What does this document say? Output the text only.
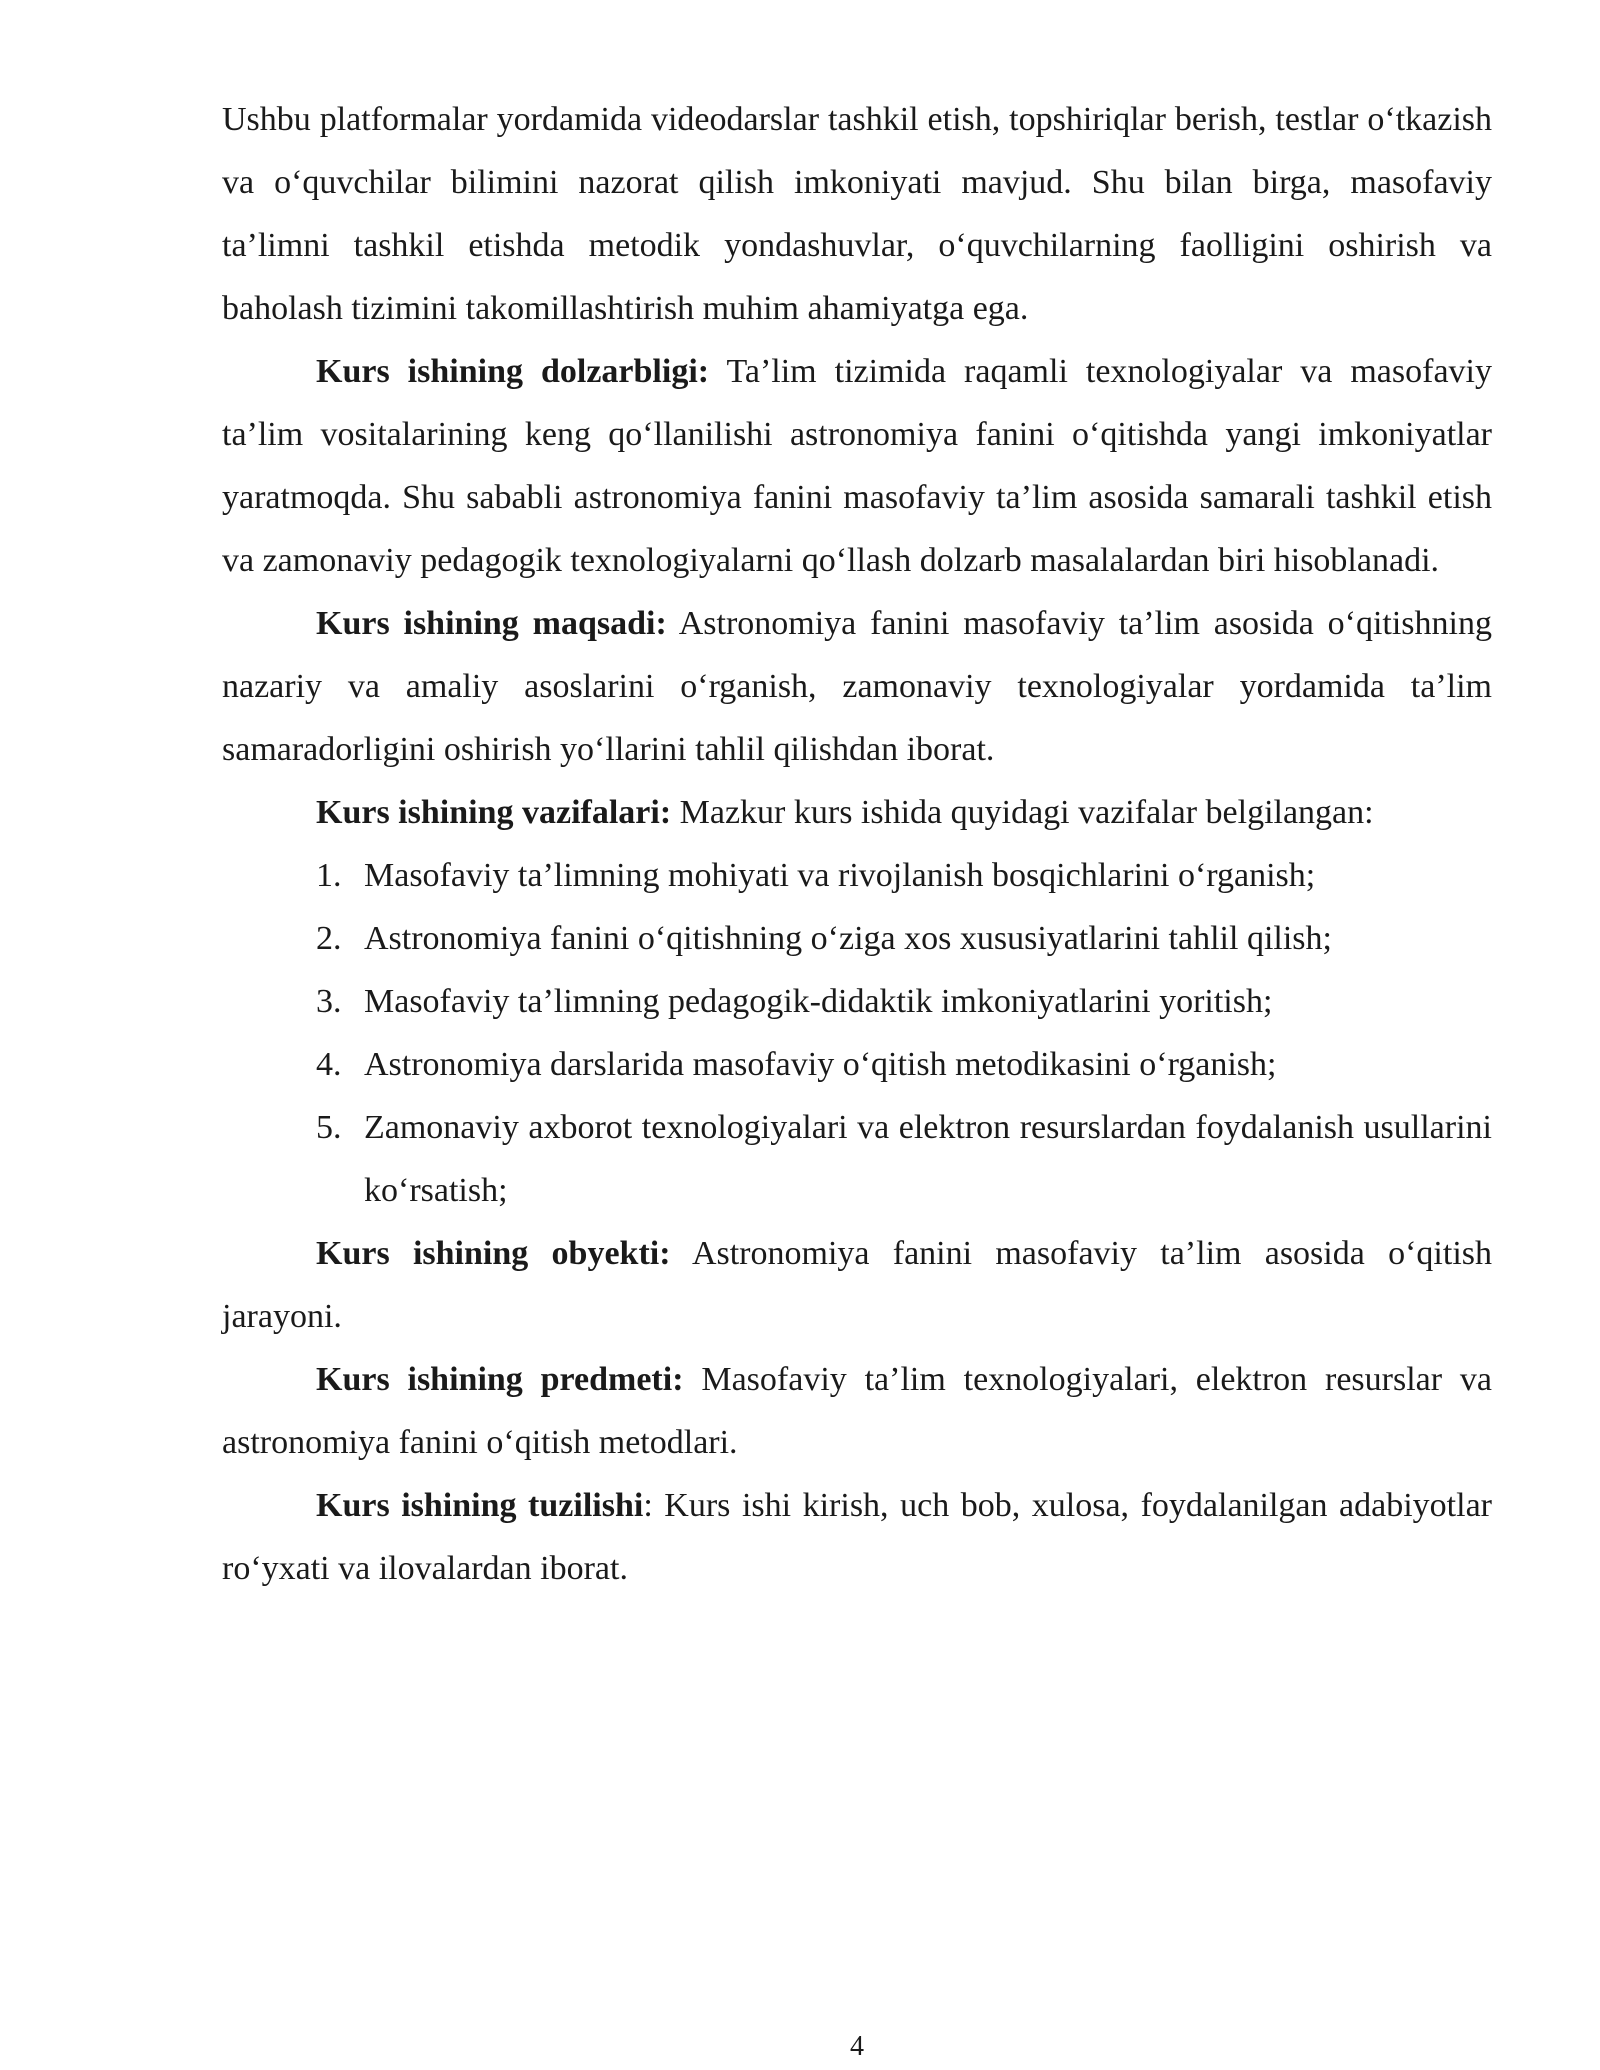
Ushbu platformalar yordamida videodarslar tashkil etish, topshiriqlar berish, testlar o‘tkazish va o‘quvchilar bilimini nazorat qilish imkoniyati mavjud. Shu bilan birga, masofaviy ta’limni tashkil etishda metodik yondashuvlar, o‘quvchilarning faolligini oshirish va baholash tizimini takomillashtirish muhim ahamiyatga ega.

Kurs ishining dolzarbligi: Ta’lim tizimida raqamli texnologiyalar va masofaviy ta’lim vositalarining keng qo‘llanilishi astronomiya fanini o‘qitishda yangi imkoniyatlar yaratmoqda. Shu sababli astronomiya fanini masofaviy ta’lim asosida samarali tashkil etish va zamonaviy pedagogik texnologiyalarni qo‘llash dolzarb masalalardan biri hisoblanadi.

Kurs ishining maqsadi: Astronomiya fanini masofaviy ta’lim asosida o‘qitishning nazariy va amaliy asoslarini o‘rganish, zamonaviy texnologiyalar yordamida ta’lim samaradorligini oshirish yo‘llarini tahlil qilishdan iborat.

Kurs ishining vazifalari: Mazkur kurs ishida quyidagi vazifalar belgilangan:

1. Masofaviy ta’limning mohiyati va rivojlanish bosqichlarini o‘rganish;
2. Astronomiya fanini o‘qitishning o‘ziga xos xususiyatlarini tahlil qilish;
3. Masofaviy ta’limning pedagogik-didaktik imkoniyatlarini yoritish;
4. Astronomiya darslarida masofaviy o‘qitish metodikasini o‘rganish;
5. Zamonaviy axborot texnologiyalari va elektron resurslardan foydalanish usullarini ko‘rsatish;

Kurs ishining obyekti: Astronomiya fanini masofaviy ta’lim asosida o‘qitish jarayoni.

Kurs ishining predmeti: Masofaviy ta’lim texnologiyalari, elektron resurslar va astronomiya fanini o‘qitish metodlari.

Kurs ishining tuzilishi: Kurs ishi kirish, uch bob, xulosa, foydalanilgan adabiyotlar ro‘yxati va ilovalardan iborat.

4
